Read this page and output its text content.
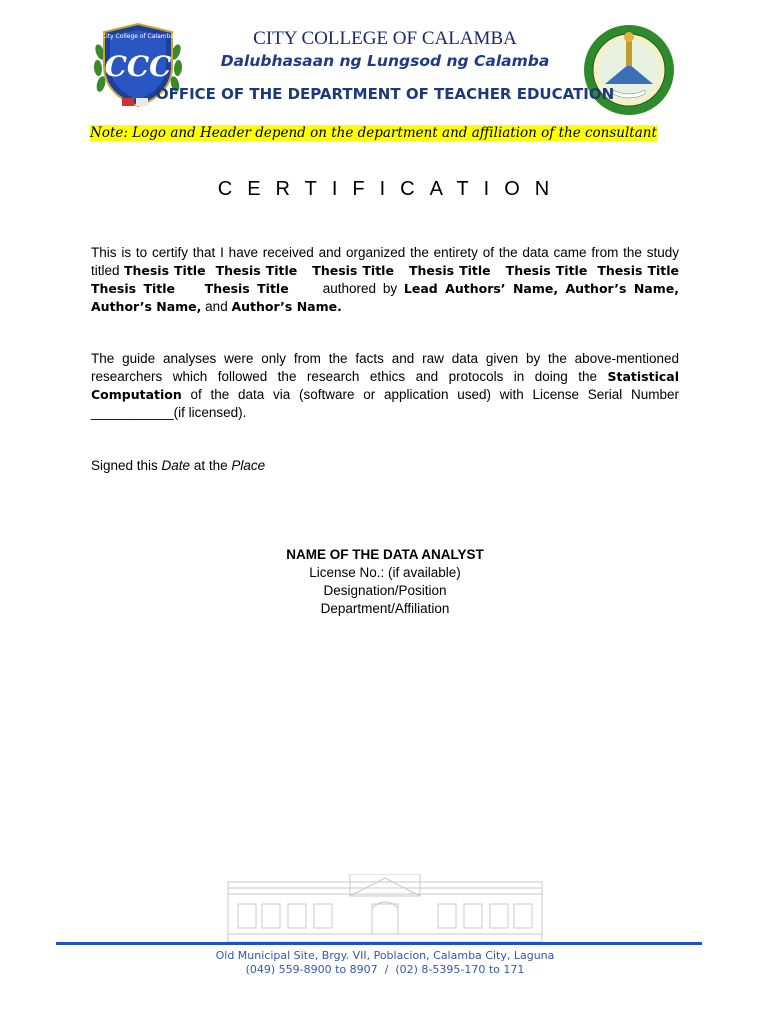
City College of Calamba
CCC
CITY COLLEGE OF CALAMBA
Dalubhasaan ng Lungsod ng Calamba
OFFICE OF THE DEPARTMENT OF TEACHER EDUCATION
Note: Logo and Header depend on the department and affiliation of the consultant
CERTIFICATION
This is to certify that I have received and organized the entirety of the data came from the study titled Thesis Title  Thesis Title   Thesis Title   Thesis Title   Thesis Title  Thesis Title    Thesis Title    Thesis Title     authored by Lead Authors’ Name, Author’s Name, Author’s Name, and Author’s Name.
The guide analyses were only from the facts and raw data given by the above-mentioned researchers which followed the research ethics and protocols in doing the Statistical Computation of the data via (software or application used) with License Serial Number ___________(if licensed).
Signed this Date at the Place
NAME OF THE DATA ANALYST
License No.: (if available)
Designation/Position
Department/Affiliation
Old Municipal Site, Brgy. VII, Poblacion, Calamba City, Laguna
(049) 559-8900 to 8907  /  (02) 8-5395-170 to 171
